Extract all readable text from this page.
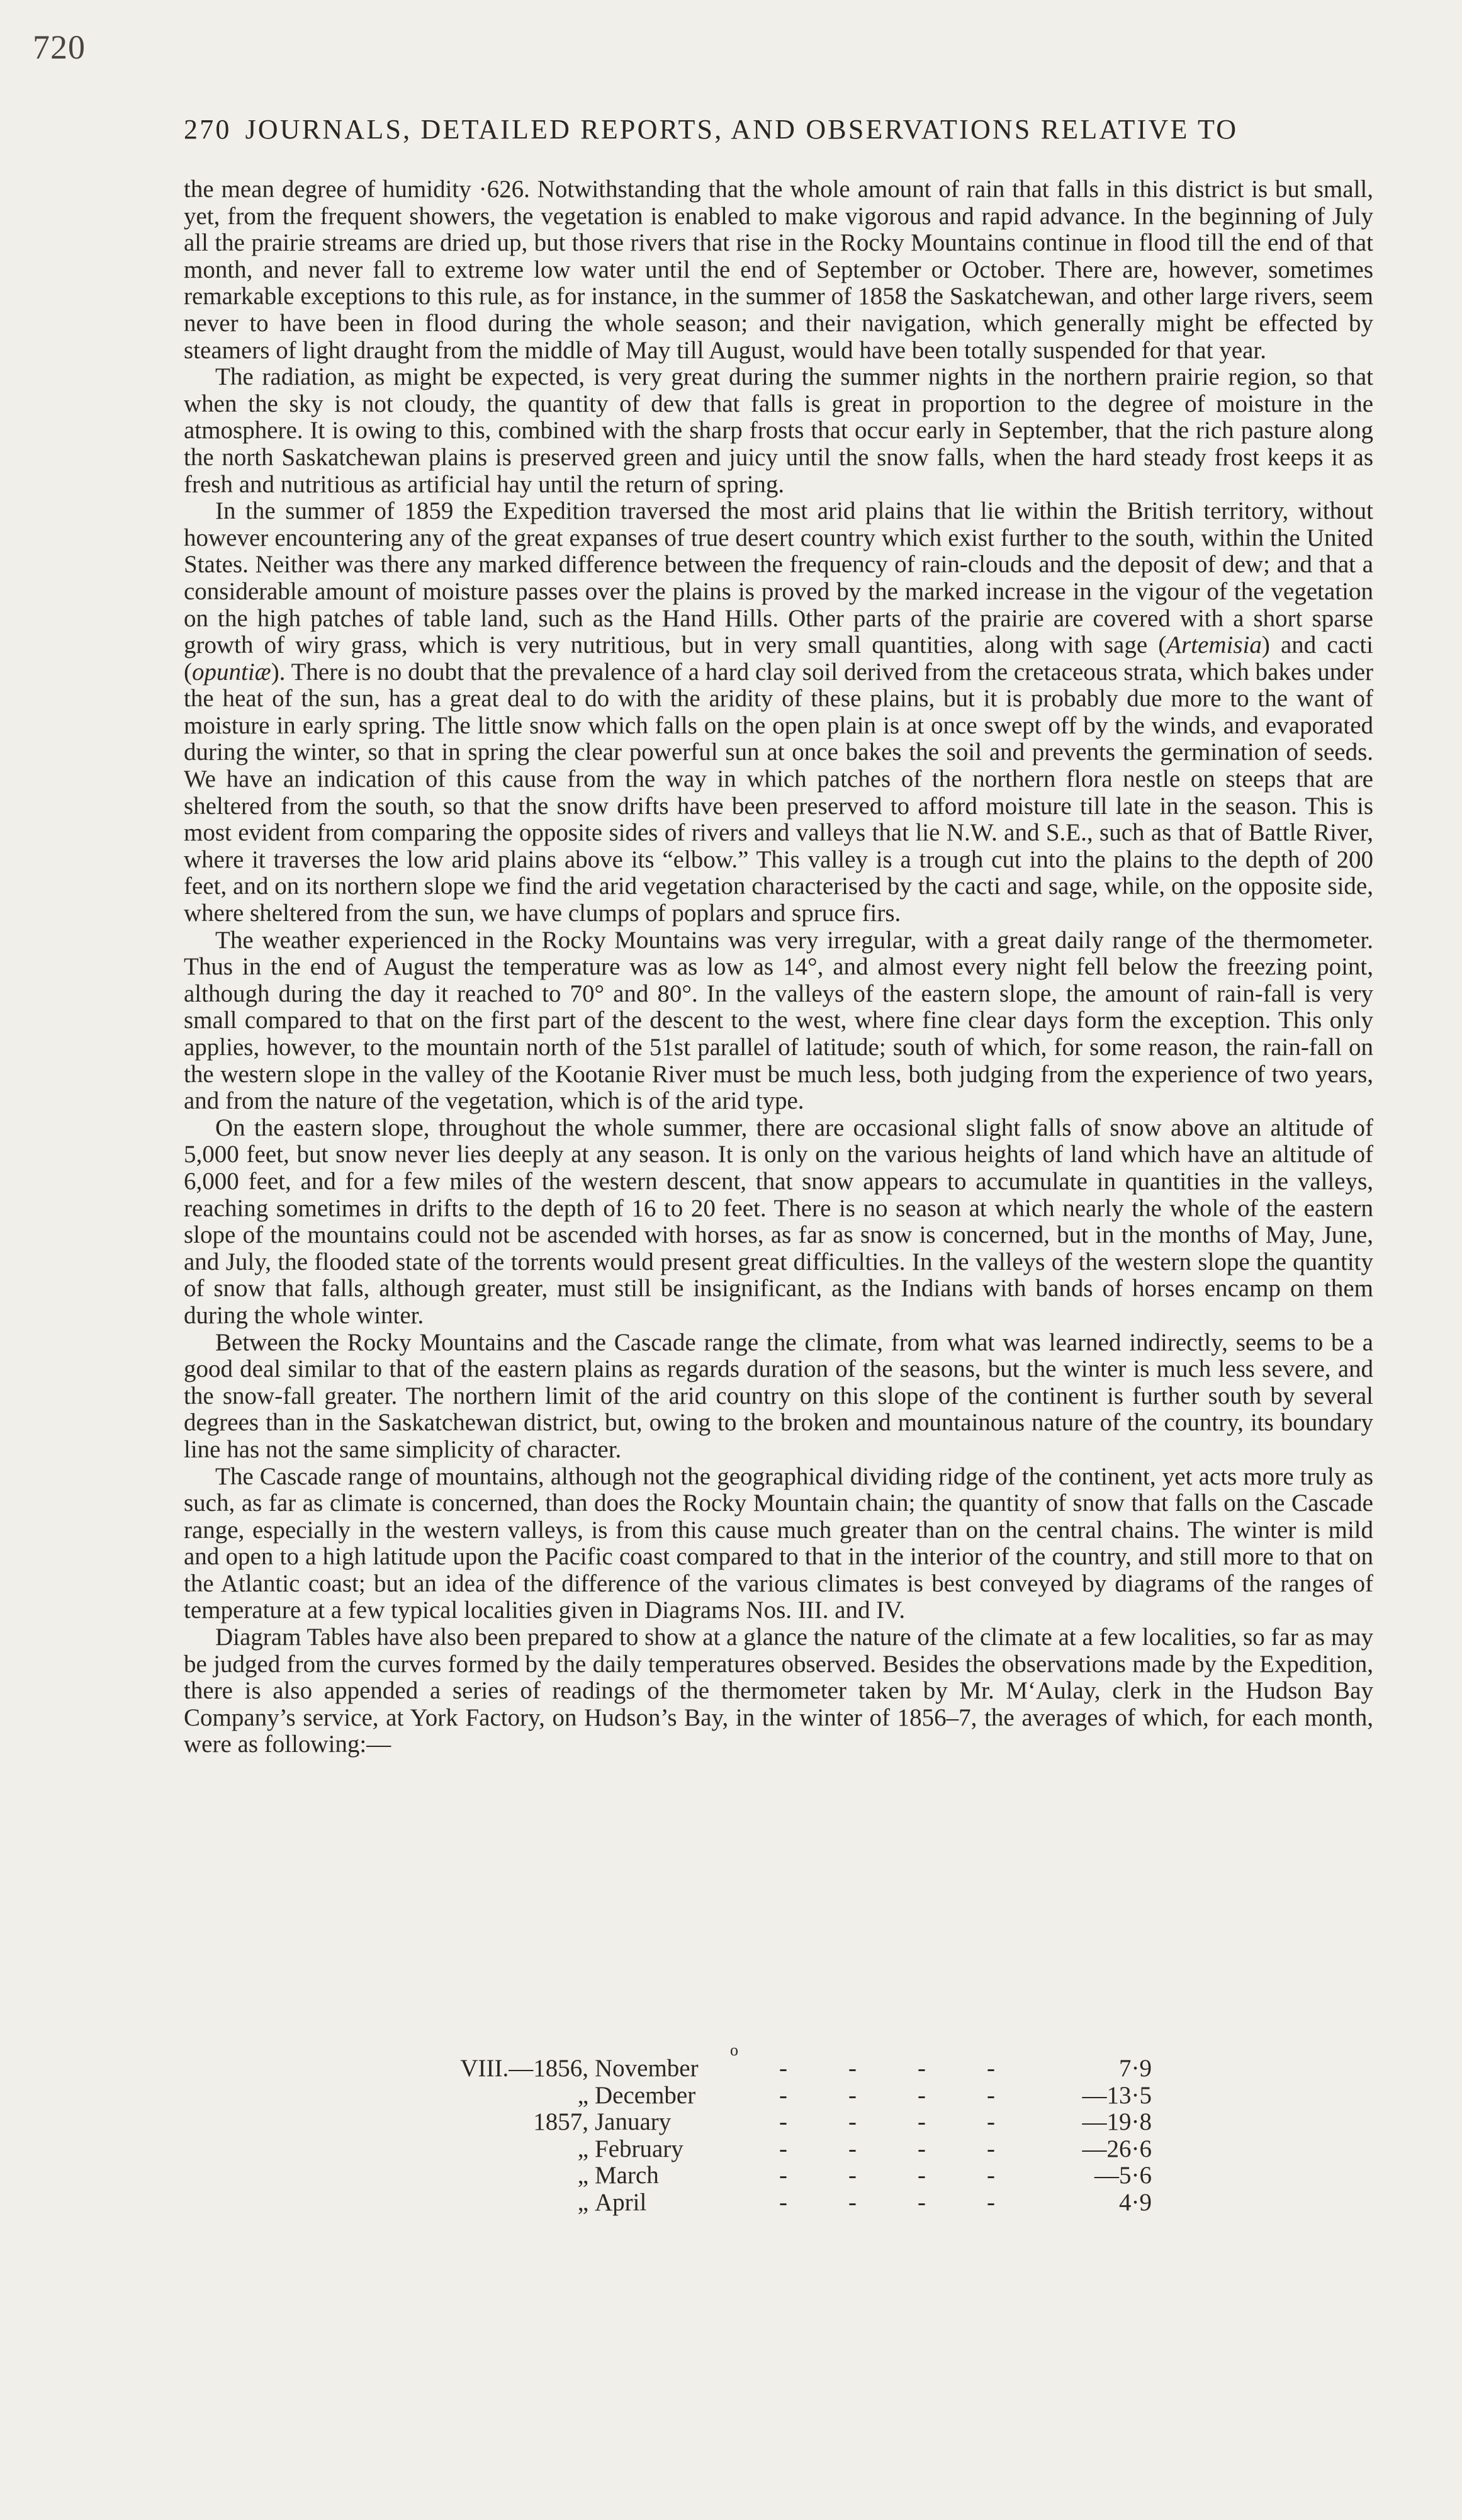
720
270 JOURNALS, DETAILED REPORTS, AND OBSERVATIONS RELATIVE TO

the mean degree of humidity ·626. Notwithstanding that the whole amount of rain that falls in this district is but small, yet, from the frequent showers, the vegetation is enabled to make vigorous and rapid advance. In the beginning of July all the prairie streams are dried up, but those rivers that rise in the Rocky Mountains continue in flood till the end of that month, and never fall to extreme low water until the end of September or October. There are, however, sometimes remarkable exceptions to this rule, as for instance, in the summer of 1858 the Saskatchewan, and other large rivers, seem never to have been in flood during the whole season; and their navigation, which generally might be effected by steamers of light draught from the middle of May till August, would have been totally suspended for that year.

The radiation, as might be expected, is very great during the summer nights in the northern prairie region, so that when the sky is not cloudy, the quantity of dew that falls is great in proportion to the degree of moisture in the atmosphere. It is owing to this, combined with the sharp frosts that occur early in September, that the rich pasture along the north Saskatchewan plains is preserved green and juicy until the snow falls, when the hard steady frost keeps it as fresh and nutritious as artificial hay until the return of spring.

In the summer of 1859 the Expedition traversed the most arid plains that lie within the British territory, without however encountering any of the great expanses of true desert country which exist further to the south, within the United States. Neither was there any marked difference between the frequency of rain-clouds and the deposit of dew; and that a considerable amount of moisture passes over the plains is proved by the marked increase in the vigour of the vegetation on the high patches of table land, such as the Hand Hills. Other parts of the prairie are covered with a short sparse growth of wiry grass, which is very nutritious, but in very small quantities, along with sage (Artemisia) and cacti (opuntiæ). There is no doubt that the prevalence of a hard clay soil derived from the cretaceous strata, which bakes under the heat of the sun, has a great deal to do with the aridity of these plains, but it is probably due more to the want of moisture in early spring. The little snow which falls on the open plain is at once swept off by the winds, and evaporated during the winter, so that in spring the clear powerful sun at once bakes the soil and prevents the germination of seeds. We have an indication of this cause from the way in which patches of the northern flora nestle on steeps that are sheltered from the south, so that the snow drifts have been preserved to afford moisture till late in the season. This is most evident from comparing the opposite sides of rivers and valleys that lie N.W. and S.E., such as that of Battle River, where it traverses the low arid plains above its “elbow.” This valley is a trough cut into the plains to the depth of 200 feet, and on its northern slope we find the arid vegetation characterised by the cacti and sage, while, on the opposite side, where sheltered from the sun, we have clumps of poplars and spruce firs.

The weather experienced in the Rocky Mountains was very irregular, with a great daily range of the thermometer. Thus in the end of August the temperature was as low as 14°, and almost every night fell below the freezing point, although during the day it reached to 70° and 80°. In the valleys of the eastern slope, the amount of rain-fall is very small compared to that on the first part of the descent to the west, where fine clear days form the exception. This only applies, however, to the mountain north of the 51st parallel of latitude; south of which, for some reason, the rain-fall on the western slope in the valley of the Kootanie River must be much less, both judging from the experience of two years, and from the nature of the vegetation, which is of the arid type.

On the eastern slope, throughout the whole summer, there are occasional slight falls of snow above an altitude of 5,000 feet, but snow never lies deeply at any season. It is only on the various heights of land which have an altitude of 6,000 feet, and for a few miles of the western descent, that snow appears to accumulate in quantities in the valleys, reaching sometimes in drifts to the depth of 16 to 20 feet. There is no season at which nearly the whole of the eastern slope of the mountains could not be ascended with horses, as far as snow is concerned, but in the months of May, June, and July, the flooded state of the torrents would present great difficulties. In the valleys of the western slope the quantity of snow that falls, although greater, must still be insignificant, as the Indians with bands of horses encamp on them during the whole winter.

Between the Rocky Mountains and the Cascade range the climate, from what was learned indirectly, seems to be a good deal similar to that of the eastern plains as regards duration of the seasons, but the winter is much less severe, and the snow-fall greater. The northern limit of the arid country on this slope of the continent is further south by several degrees than in the Saskatchewan district, but, owing to the broken and mountainous nature of the country, its boundary line has not the same simplicity of character.

The Cascade range of mountains, although not the geographical dividing ridge of the continent, yet acts more truly as such, as far as climate is concerned, than does the Rocky Mountain chain; the quantity of snow that falls on the Cascade range, especially in the western valleys, is from this cause much greater than on the central chains. The winter is mild and open to a high latitude upon the Pacific coast compared to that in the interior of the country, and still more to that on the Atlantic coast; but an idea of the difference of the various climates is best conveyed by diagrams of the ranges of temperature at a few typical localities given in Diagrams Nos. III. and IV.

Diagram Tables have also been prepared to show at a glance the nature of the climate at a few localities, so far as may be judged from the curves formed by the daily temperatures observed. Besides the observations made by the Expedition, there is also appended a series of readings of the thermometer taken by Mr. M‘Aulay, clerk in the Hudson Bay Company’s service, at York Factory, on Hudson’s Bay, in the winter of 1856–7, the averages of which, for each month, were as following:—

o
VIII.—1856, November	- - - -	7·9
„ December	- - - -	—13·5
1857, January	- - - -	—19·8
„ February	- - - -	—26·6
„ March	- - - -	—5·6
„ April	- - - -	4·9
